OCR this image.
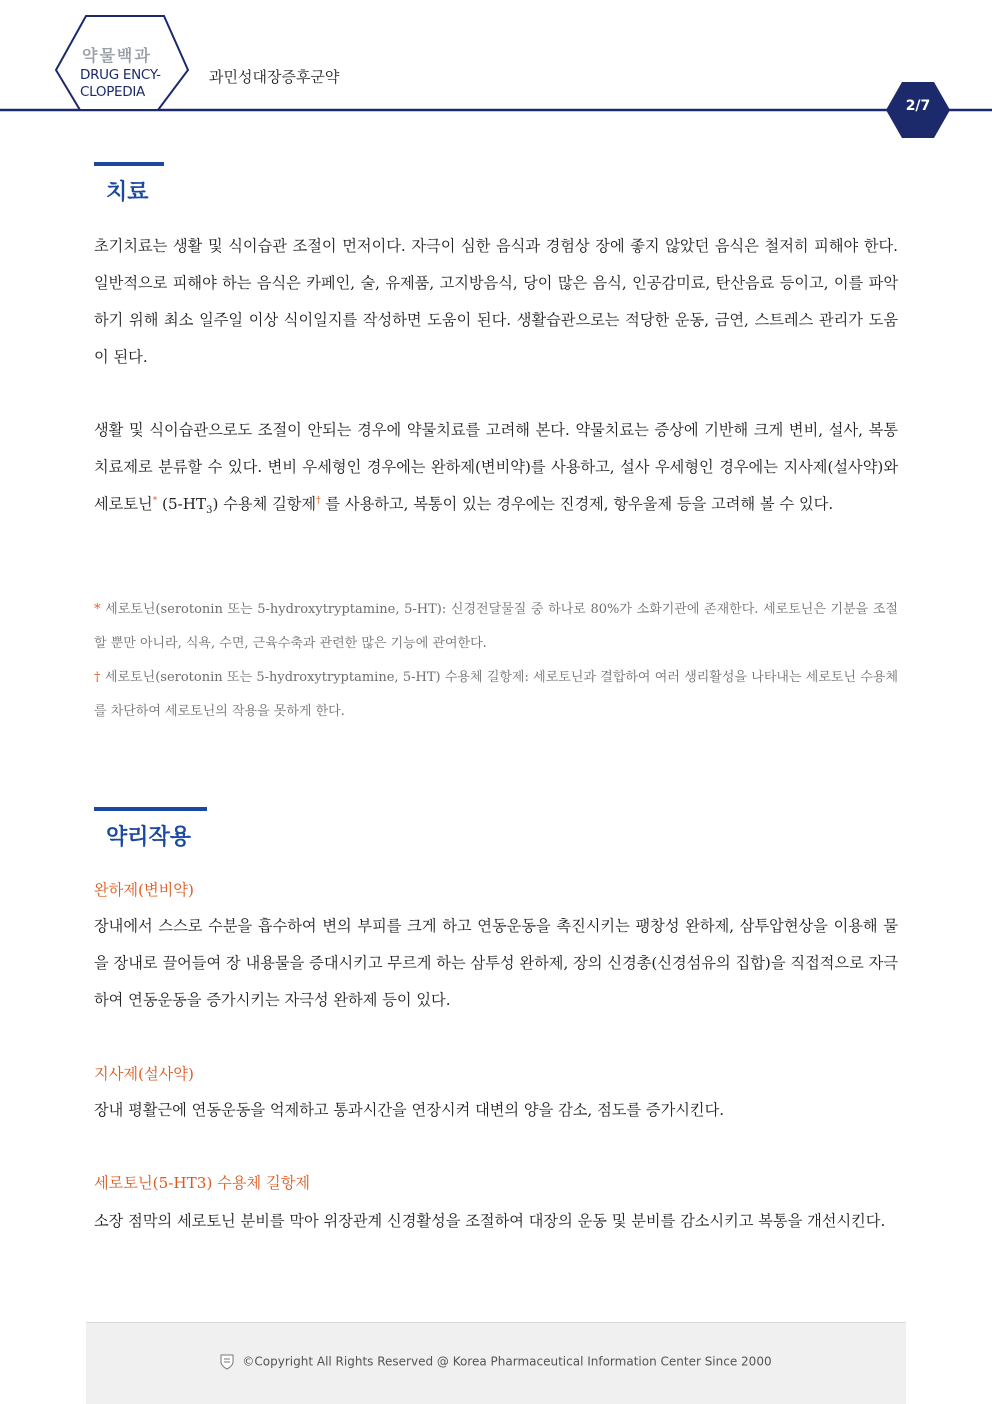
약물백과
DRUG ENCY-
CLOPEDIA
과민성대장증후군약
2/7
치료
초기치료는 생활 및 식이습관 조절이 먼저이다. 자극이 심한 음식과 경험상 장에 좋지 않았던 음식은 철저히 피해야 한다. 일반적으로 피해야 하는 음식은 카페인, 술, 유제품, 고지방음식, 당이 많은 음식, 인공감미료, 탄산음료 등이고, 이를 파악하기 위해 최소 일주일 이상 식이일지를 작성하면 도움이 된다. 생활습관으로는 적당한 운동, 금연, 스트레스 관리가 도움이 된다.
생활 및 식이습관으로도 조절이 안되는 경우에 약물치료를 고려해 본다. 약물치료는 증상에 기반해 크게 변비, 설사, 복통 치료제로 분류할 수 있다. 변비 우세형인 경우에는 완하제(변비약)를 사용하고, 설사 우세형인 경우에는 지사제(설사약)와 세로토닌* $(5-HT_3)$ 수용체 길항제† 를 사용하고, 복통이 있는 경우에는 진경제, 항우울제 등을 고려해 볼 수 있다.
* 세로토닌(serotonin 또는 5-hydroxytryptamine, 5-HT): 신경전달물질 중 하나로 80%가 소화기관에 존재한다. 세로토닌은 기분을 조절할 뿐만 아니라, 식욕, 수면, 근육수축과 관련한 많은 기능에 관여한다.
† 세로토닌(serotonin 또는 5-hydroxytryptamine, 5-HT) 수용체 길항제: 세로토닌과 결합하여 여러 생리활성을 나타내는 세로토닌 수용체를 차단하여 세로토닌의 작용을 못하게 한다.
약리작용
완하제(변비약)
장내에서 스스로 수분을 흡수하여 변의 부피를 크게 하고 연동운동을 촉진시키는 팽창성 완하제, 삼투압현상을 이용해 물을 장내로 끌어들여 장 내용물을 증대시키고 무르게 하는 삼투성 완하제, 장의 신경총(신경섬유의 집합)을 직접적으로 자극하여 연동운동을 증가시키는 자극성 완하제 등이 있다.
지사제(설사약)
장내 평활근에 연동운동을 억제하고 통과시간을 연장시켜 대변의 양을 감소, 점도를 증가시킨다.
세로토닌(5-HT3) 수용체 길항제
소장 점막의 세로토닌 분비를 막아 위장관계 신경활성을 조절하여 대장의 운동 및 분비를 감소시키고 복통을 개선시킨다.
©Copyright All Rights Reserved @ Korea Pharmaceutical Information Center Since 2000
